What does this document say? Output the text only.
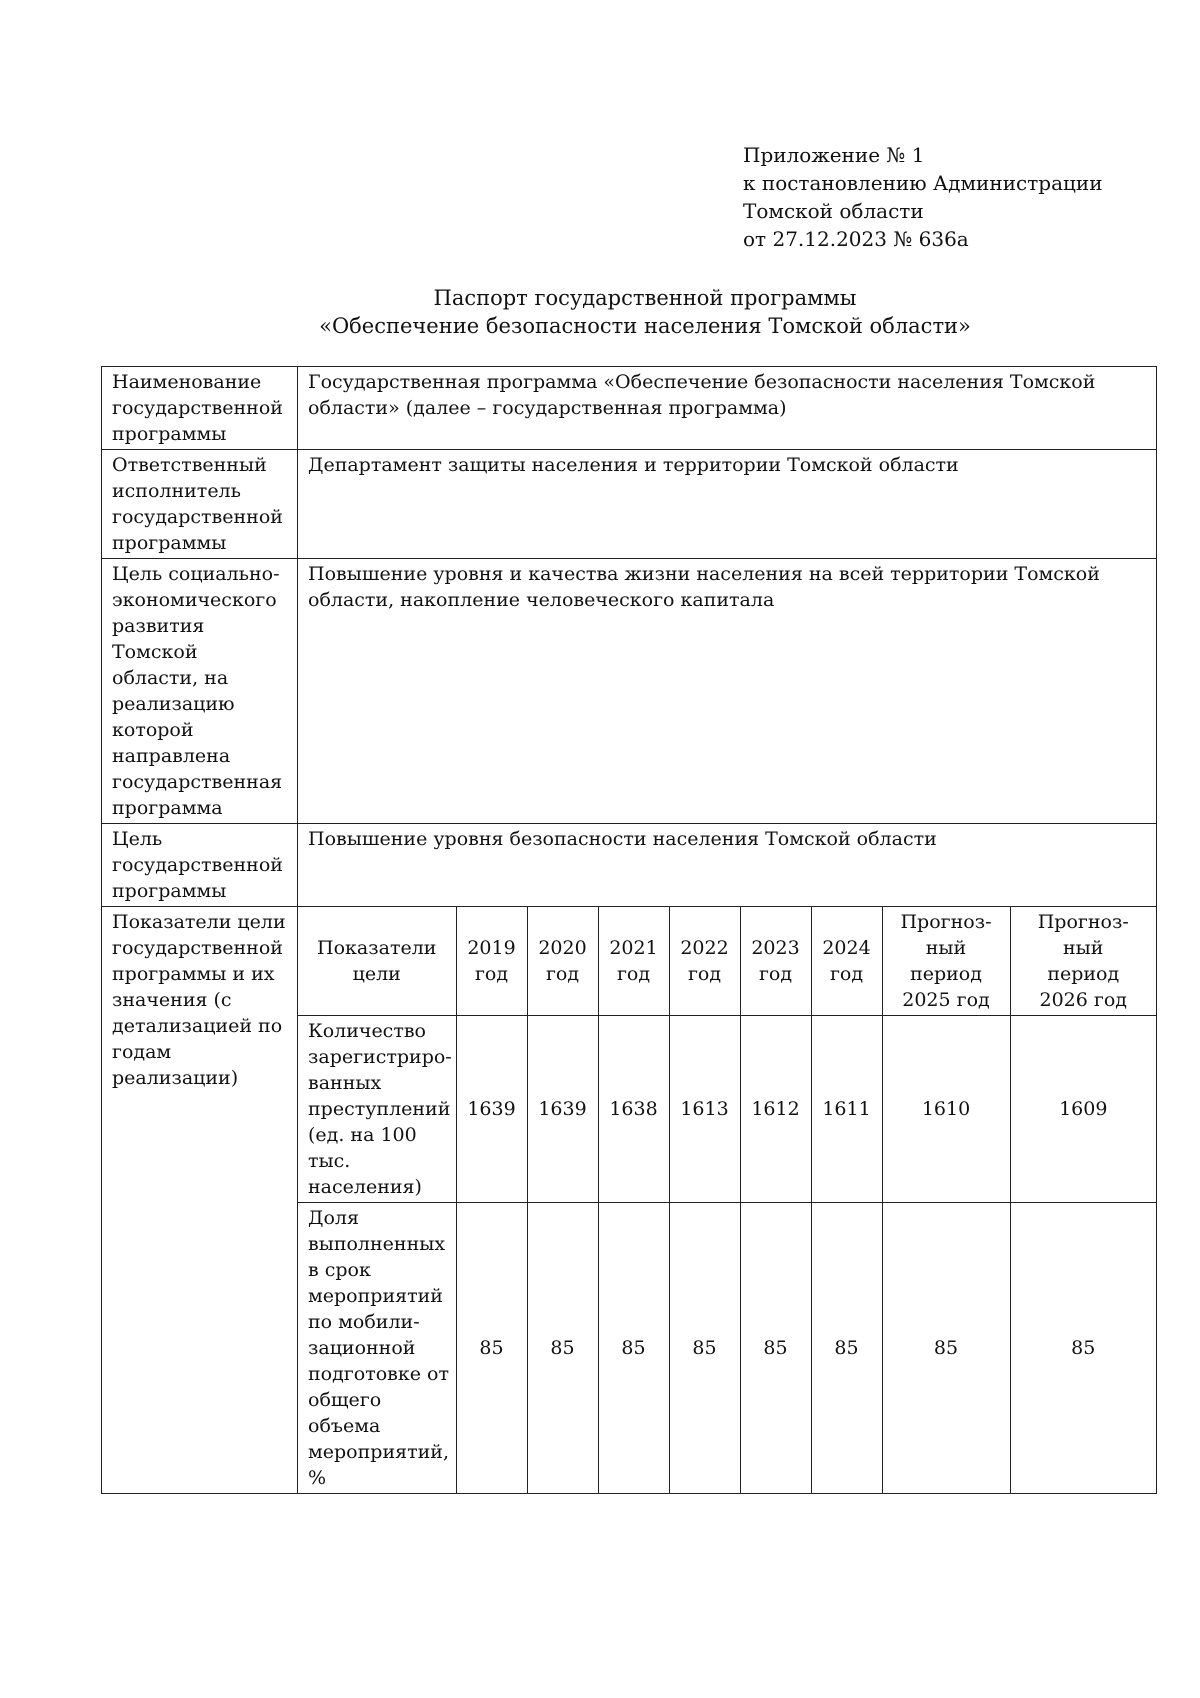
Приложение № 1
к постановлению Администрации
Томской области
от 27.12.2023 № 636а
Паспорт государственной программы
«Обеспечение безопасности населения Томской области»
Наименование государственной программы	Государственная программа «Обеспечение безопасности населения Томской области» (далее – государственная программа)
Ответственный исполнитель государственной программы	Департамент защиты населения и территории Томской области
Цель социально-экономического развития Томской области, на реализацию которой направлена государственная программа	Повышение уровня и качества жизни населения на всей территории Томской области, накопление человеческого капитала
Цель государственной программы	Повышение уровня безопасности населения Томской области
Показатели цели государственной программы и их значения (с детализацией по годам реализации)	
Показатели цели	2019 год	2020 год	2021 год	2022 год	2023 год	2024 год	Прогноз-ный период 2025 год	Прогноз-ный период 2026 год
Количество зарегистриро-ванных преступлений (ед. на 100 тыс. населения)	1639	1639	1638	1613	1612	1611	1610	1609
Доля выполненных в срок мероприятий по мобили-зационной подготовке от общего объема мероприятий, %	85	85	85	85	85	85	85	85
